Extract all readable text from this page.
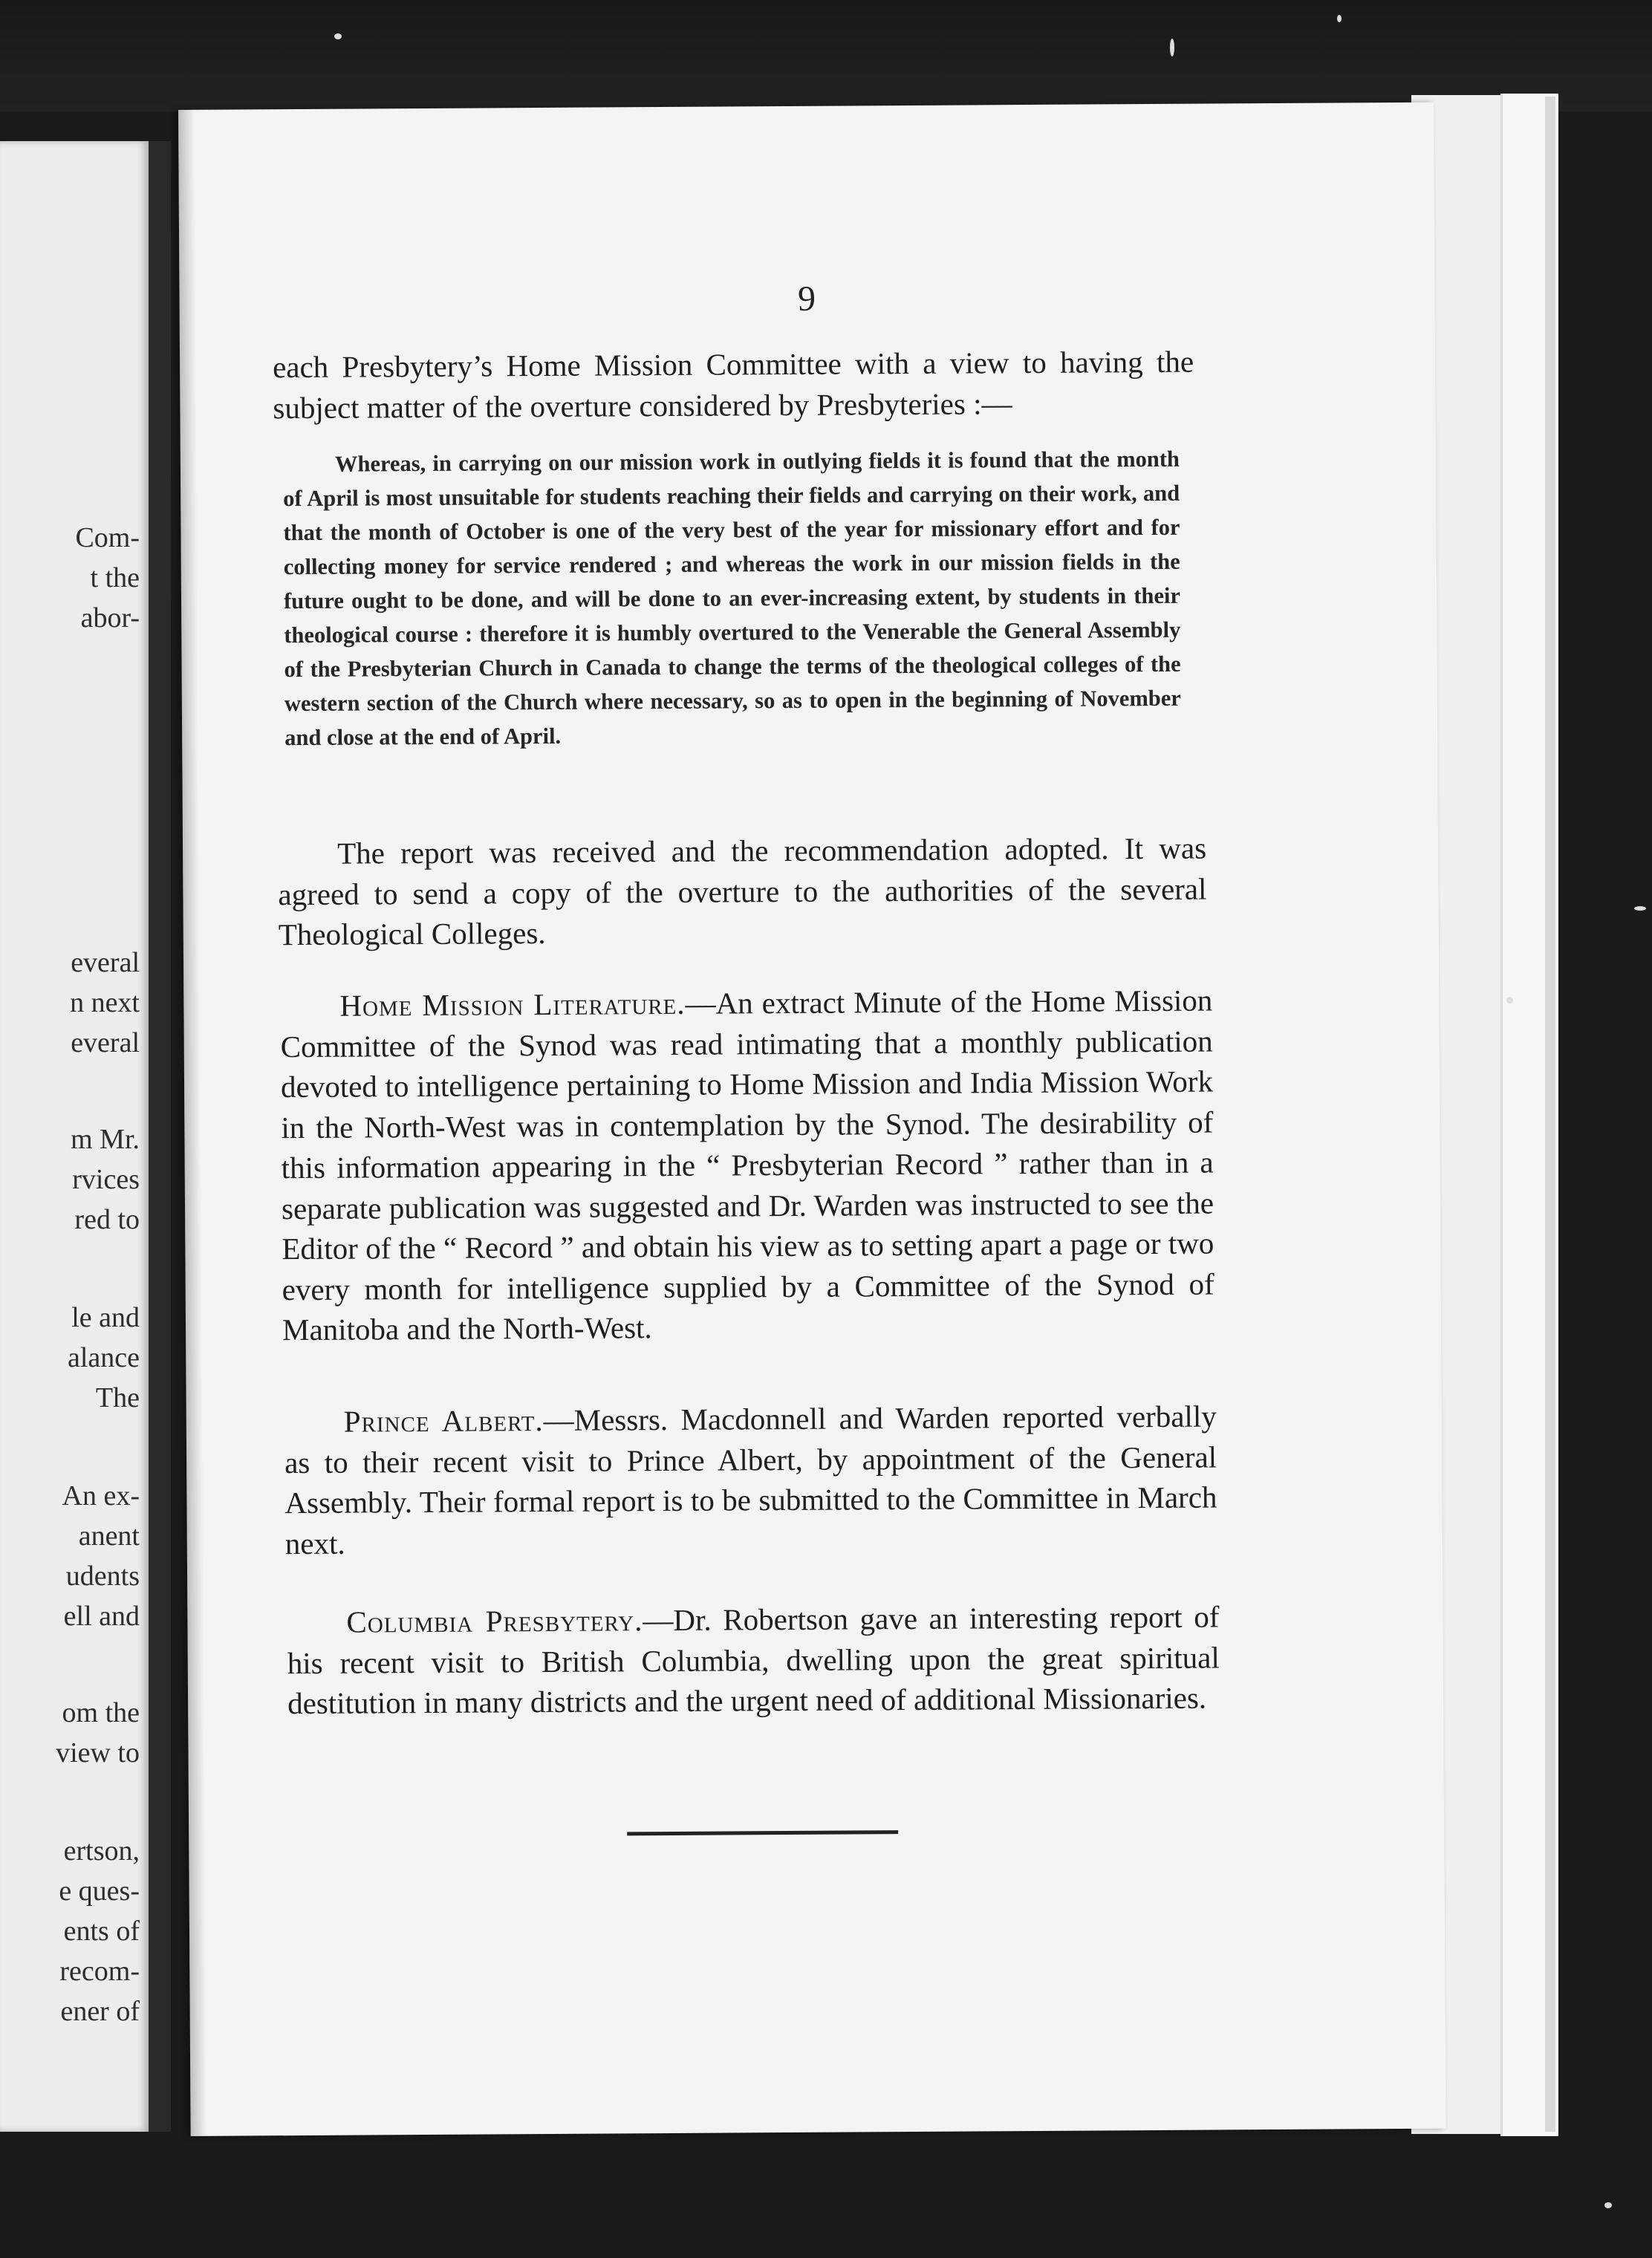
Com-
t the
abor-
everal
n next
everal
m Mr.
rvices
red to
le and
alance
The
An ex-
anent
udents
ell and
om the
view to
ertson,
e ques-
ents of
recom-
ener of
9

each Presbytery’s Home Mission Committee with a view to having the subject matter of the overture considered by Presbyteries :—

Whereas, in carrying on our mission work in outlying fields it is found that the month of April is most unsuitable for students reaching their fields and carrying on their work, and that the month of October is one of the very best of the year for missionary effort and for collecting money for service rendered ; and whereas the work in our mission fields in the future ought to be done, and will be done to an ever-increasing extent, by students in their theological course : therefore it is humbly overtured to the Venerable the General Assembly of the Presbyterian Church in Canada to change the terms of the theological colleges of the western section of the Church where necessary, so as to open in the beginning of November and close at the end of April.

The report was received and the recommendation adopted. It was agreed to send a copy of the overture to the authorities of the several Theological Colleges.

Home Mission Literature.—An extract Minute of the Home Mission Committee of the Synod was read intimating that a monthly publication devoted to intelligence pertaining to Home Mission and India Mission Work in the North-West was in contemplation by the Synod. The desirability of this information appearing in the “ Presbyterian Record ” rather than in a separate publication was suggested and Dr. Warden was instructed to see the Editor of the “ Record ” and obtain his view as to setting apart a page or two every month for intelligence supplied by a Committee of the Synod of Manitoba and the North-West.

Prince Albert.—Messrs. Macdonnell and Warden reported verbally as to their recent visit to Prince Albert, by appointment of the General Assembly. Their formal report is to be submitted to the Committee in March next.

Columbia Presbytery.—Dr. Robertson gave an interesting report of his recent visit to British Columbia, dwelling upon the great spiritual destitution in many districts and the urgent need of additional Missionaries.
